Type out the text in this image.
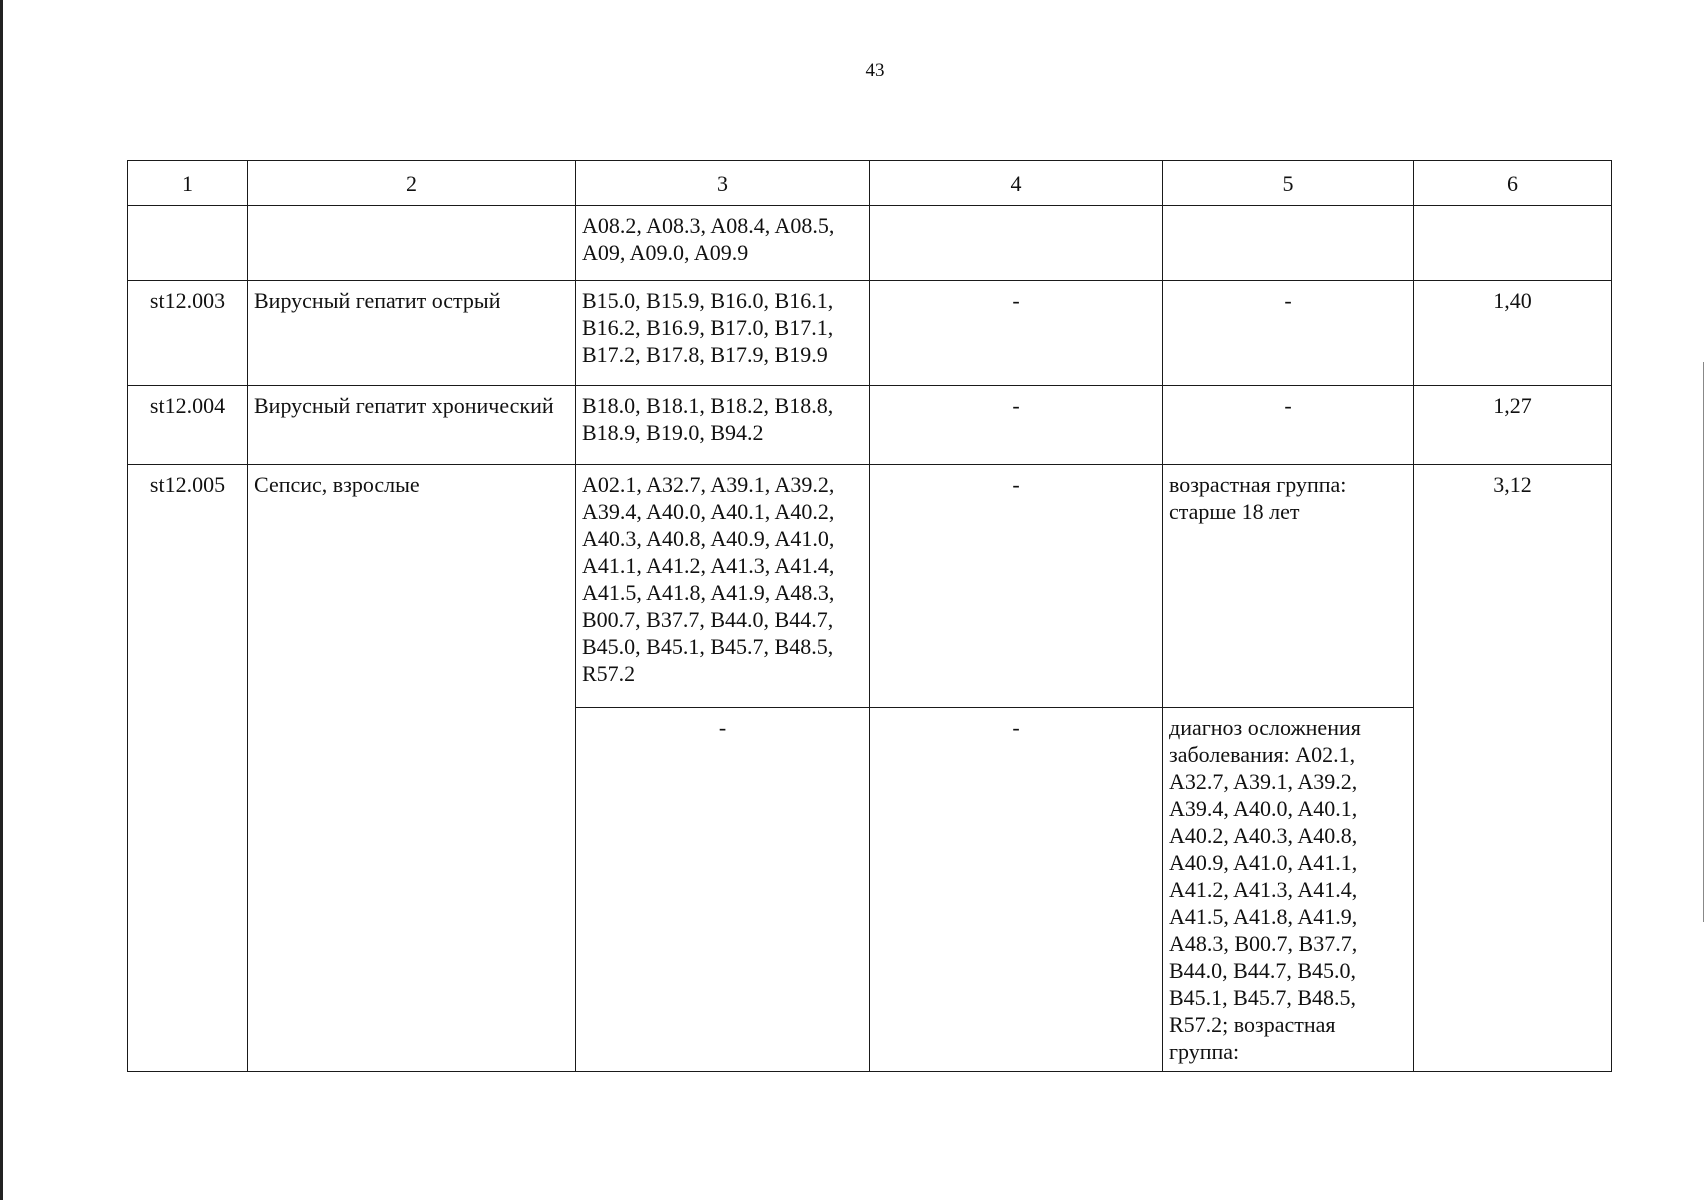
43
1	2	3	4	5	6
		A08.2, A08.3, A08.4, A08.5, A09, A09.0, A09.9			
st12.003	Вирусный гепатит острый	B15.0, B15.9, B16.0, B16.1, B16.2, B16.9, B17.0, B17.1, B17.2, B17.8, B17.9, B19.9	-	-	1,40
st12.004	Вирусный гепатит хронический	B18.0, B18.1, B18.2, B18.8, B18.9, B19.0, B94.2	-	-	1,27
st12.005	Сепсис, взрослые	A02.1, A32.7, A39.1, A39.2, A39.4, A40.0, A40.1, A40.2, A40.3, A40.8, A40.9, A41.0, A41.1, A41.2, A41.3, A41.4, A41.5, A41.8, A41.9, A48.3, B00.7, B37.7, B44.0, B44.7, B45.0, B45.1, B45.7, B48.5, R57.2	-	возрастная группа: старше 18 лет	3,12
		-	-	диагноз осложнения заболевания: A02.1, A32.7, A39.1, A39.2, A39.4, A40.0, A40.1, A40.2, A40.3, A40.8, A40.9, A41.0, A41.1, A41.2, A41.3, A41.4, A41.5, A41.8, A41.9, A48.3, B00.7, B37.7, B44.0, B44.7, B45.0, B45.1, B45.7, B48.5, R57.2; возрастная группа:	
